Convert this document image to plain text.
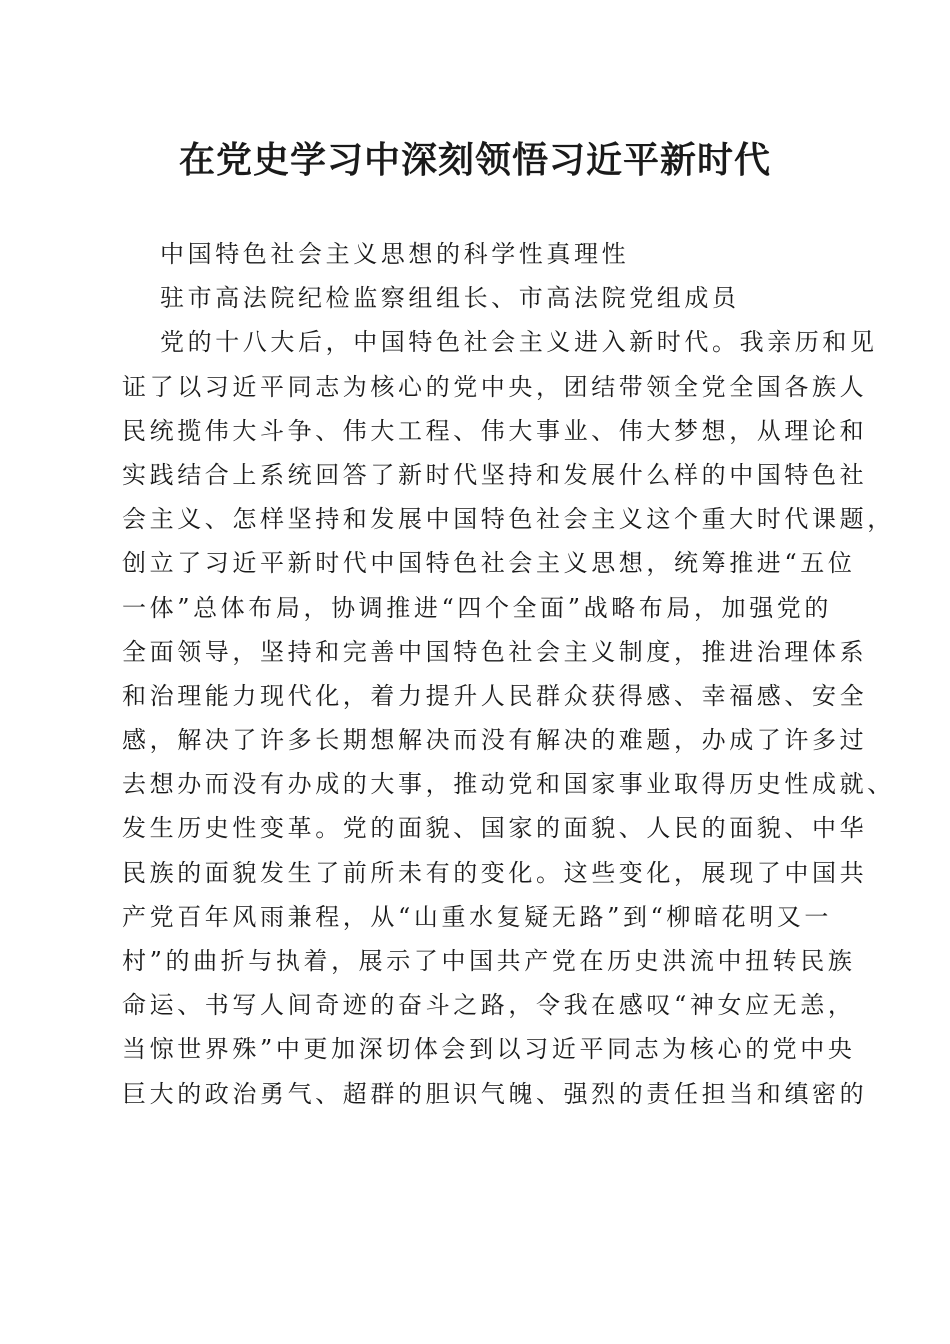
在党史学习中深刻领悟习近平新时代
中国特色社会主义思想的科学性真理性
驻市高法院纪检监察组组长、市高法院党组成员
党的十八大后，中国特色社会主义进入新时代。我亲历和见
证了以习近平同志为核心的党中央，团结带领全党全国各族人
民统揽伟大斗争、伟大工程、伟大事业、伟大梦想，从理论和
实践结合上系统回答了新时代坚持和发展什么样的中国特色社
会主义、怎样坚持和发展中国特色社会主义这个重大时代课题，
创立了习近平新时代中国特色社会主义思想，统筹推进“五位
一体”总体布局，协调推进“四个全面”战略布局，加强党的
全面领导，坚持和完善中国特色社会主义制度，推进治理体系
和治理能力现代化，着力提升人民群众获得感、幸福感、安全
感，解决了许多长期想解决而没有解决的难题，办成了许多过
去想办而没有办成的大事，推动党和国家事业取得历史性成就、
发生历史性变革。党的面貌、国家的面貌、人民的面貌、中华
民族的面貌发生了前所未有的变化。这些变化，展现了中国共
产党百年风雨兼程，从“山重水复疑无路”到“柳暗花明又一
村”的曲折与执着，展示了中国共产党在历史洪流中扭转民族
命运、书写人间奇迹的奋斗之路，令我在感叹“神女应无恙，
当惊世界殊”中更加深切体会到以习近平同志为核心的党中央
巨大的政治勇气、超群的胆识气魄、强烈的责任担当和缜密的
